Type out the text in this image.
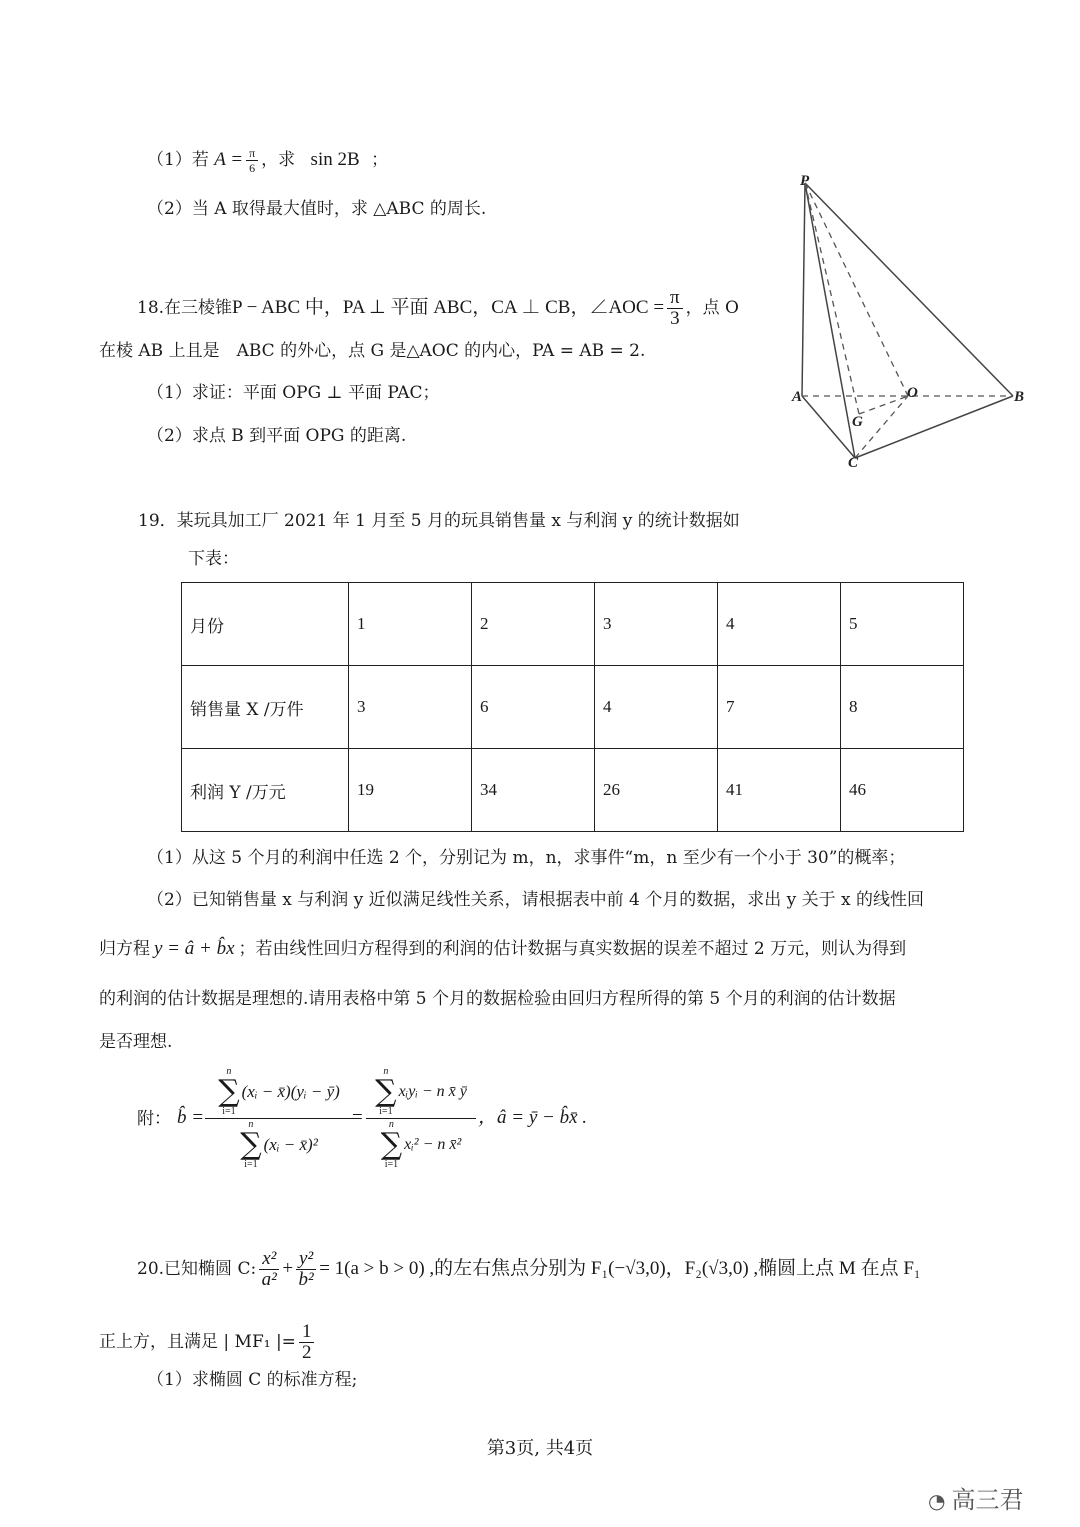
（1）若 $A = \frac{\pi}{6}$ ，求 sin 2B ；
（2）当 A 取得最大值时，求 △ABC 的周长.
18.在三棱锥P − ABC 中，PA ⊥ 平面 ABC，CA ⊥ CB，∠AOC = $\frac{\pi}{3}$ ，点 O
在棱 AB 上且是　ABC 的外心，点 G 是△AOC 的内心，PA = AB = 2.
（1）求证：平面 OPG ⊥ 平面 PAC；
（2）求点 B 到平面 OPG 的距离.
P
A	B
C
O
G
19．某玩具加工厂 2021 年 1 月至 5 月的玩具销售量 x 与利润 y 的统计数据如
下表：
月份	1	2	3	4	5
销售量 X /万件	3	6	4	7	8
利润 Y /万元	19	34	26	41	46
（1）从这 5 个月的利润中任选 2 个，分别记为 m，n，求事件“m，n 至少有一个小于 30”的概率；
（2）已知销售量 x 与利润 y 近似满足线性关系，请根据表中前 4 个月的数据，求出 y 关于 x 的线性回
归方程 y = â + b̂x ；若由线性回归方程得到的利润的估计数据与真实数据的误差不超过 2 万元，则认为得到
的利润的估计数据是理想的.请用表格中第 5 个月的数据检验由回归方程所得的第 5 个月的利润的估计数据
是否理想.
附： b̂ =
n
∑
i=1
(xᵢ − x̄)(yᵢ − ȳ)
n
∑
i=1
(xᵢ − x̄)²
=
n
∑
i=1
xᵢyᵢ − n x̄ ȳ
n
∑
i=1
xᵢ² − n x̄²
，â = ȳ − b̂x̄ .
20.已知椭圆 C: $\frac{\text{x²}}{\text{a²}} + \frac{\text{y²}}{\text{b²}} = 1(a > b > 0)$ ,的左右焦点分别为 F₁(−√3,0)，F₂(√3,0) ,椭圆上点 M 在点 F₁
正上方，且满足 | MF₁ |= $\frac{1}{2}$
（1）求椭圆 C 的标准方程;
第3页, 共4页
◔ 高三君
